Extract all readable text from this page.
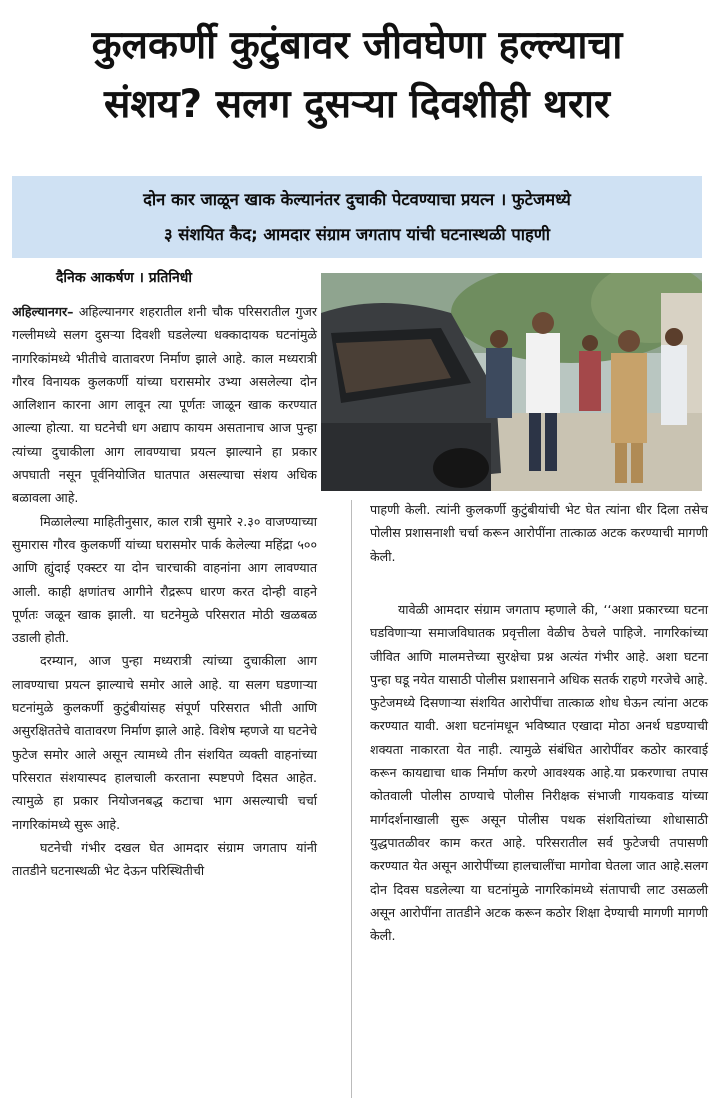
कुलकर्णी कुटुंबावर जीवघेणा हल्ल्याचा
संशय? सलग दुसऱ्या दिवशीही थरार
दोन कार जाळून खाक केल्यानंतर दुचाकी पेटवण्याचा प्रयत्न । फुटेजमध्ये
३ संशयित कैद; आमदार संग्राम जगताप यांची घटनास्थळी पाहणी
दैनिक आकर्षण । प्रतिनिधी

अहिल्यानगर– अहिल्यानगर शहरातील शनी चौक परिसरातील गुजर गल्लीमध्ये सलग दुसऱ्या दिवशी घडलेल्या धक्कादायक घटनांमुळे नागरिकांमध्ये भीतीचे वातावरण निर्माण झाले आहे. काल मध्यरात्री गौरव विनायक कुलकर्णी यांच्या घरासमोर उभ्या असलेल्या दोन आलिशान कारना आग लावून त्या पूर्णतः जाळून खाक करण्यात आल्या होत्या. या घटनेची धग अद्याप कायम असतानाच आज पुन्हा त्यांच्या दुचाकीला आग लावण्याचा प्रयत्न झाल्याने हा प्रकार अपघाती नसून पूर्वनियोजित घातपात असल्याचा संशय अधिक बळावला आहे.

मिळालेल्या माहितीनुसार, काल रात्री सुमारे २.३० वाजण्याच्या सुमारास गौरव कुलकर्णी यांच्या घरासमोर पार्क केलेल्या महिंद्रा ५०० आणि ह्युंदाई एक्स्टर या दोन चारचाकी वाहनांना आग लावण्यात आली. काही क्षणांतच आगीने रौद्ररूप धारण करत दोन्ही वाहने पूर्णतः जळून खाक झाली. या घटनेमुळे परिसरात मोठी खळबळ उडाली होती.

दरम्यान, आज पुन्हा मध्यरात्री त्यांच्या दुचाकीला आग लावण्याचा प्रयत्न झाल्याचे समोर आले आहे. या सलग घडणाऱ्या घटनांमुळे कुलकर्णी कुटुंबीयांसह संपूर्ण परिसरात भीती आणि असुरक्षिततेचे वातावरण निर्माण झाले आहे. विशेष म्हणजे या घटनेचे फुटेज समोर आले असून त्यामध्ये तीन संशयित व्यक्ती वाहनांच्या परिसरात संशयास्पद हालचाली करताना स्पष्टपणे दिसत आहेत. त्यामुळे हा प्रकार नियोजनबद्ध कटाचा भाग असल्याची चर्चा नागरिकांमध्ये सुरू आहे.

घटनेची गंभीर दखल घेत आमदार संग्राम जगताप यांनी तातडीने घटनास्थळी भेट देऊन परिस्थितीची

पाहणी केली. त्यांनी कुलकर्णी कुटुंबीयांची भेट घेत त्यांना धीर दिला तसेच पोलीस प्रशासनाशी चर्चा करून आरोपींना तात्काळ अटक करण्याची मागणी केली.

यावेळी आमदार संग्राम जगताप म्हणाले की, ‘‘अशा प्रकारच्या घटना घडविणाऱ्या समाजविघातक प्रवृत्तीला वेळीच ठेचले पाहिजे. नागरिकांच्या जीवित आणि मालमत्तेच्या सुरक्षेचा प्रश्न अत्यंत गंभीर आहे. अशा घटना पुन्हा घडू नयेत यासाठी पोलीस प्रशासनाने अधिक सतर्क राहणे गरजेचे आहे. फुटेजमध्ये दिसणाऱ्या संशयित आरोपींचा तात्काळ शोध घेऊन त्यांना अटक करण्यात यावी. अशा घटनांमधून भविष्यात एखादा मोठा अनर्थ घडण्याची शक्यता नाकारता येत नाही. त्यामुळे संबंधित आरोपींवर कठोर कारवाई करून कायद्याचा धाक निर्माण करणे आवश्यक आहे.या प्रकरणाचा तपास कोतवाली पोलीस ठाण्याचे पोलीस निरीक्षक संभाजी गायकवाड यांच्या मार्गदर्शनाखाली सुरू असून पोलीस पथक संशयितांच्या शोधासाठी युद्धपातळीवर काम करत आहे. परिसरातील सर्व फुटेजची तपासणी करण्यात येत असून आरोपींच्या हालचालींचा मागोवा घेतला जात आहे.सलग दोन दिवस घडलेल्या या घटनांमुळे नागरिकांमध्ये संतापाची लाट उसळली असून आरोपींना तातडीने अटक करून कठोर शिक्षा देण्याची मागणी मागणी केली.
